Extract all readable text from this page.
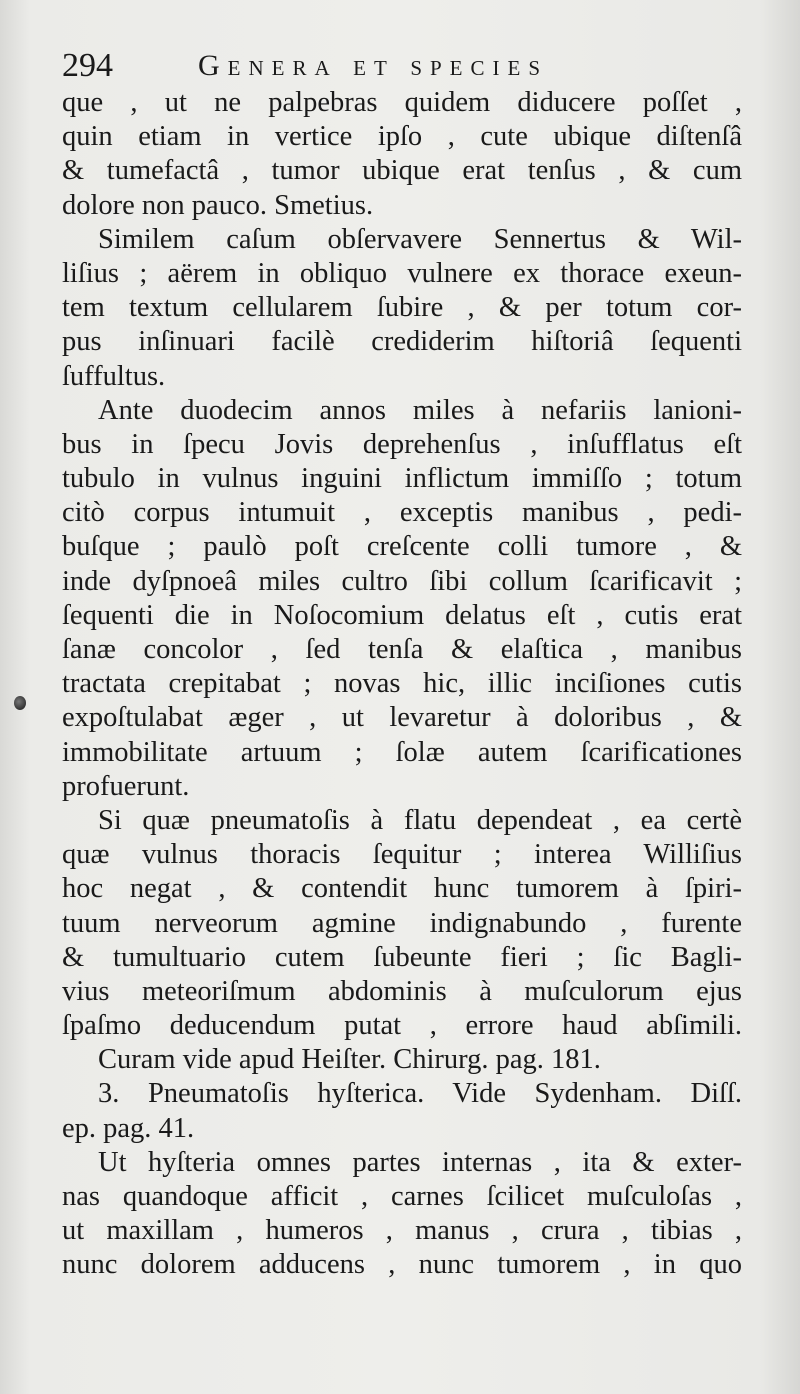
294	Genera et species
que , ut ne palpebras quidem diducere poſſet ,
quin etiam in vertice ipſo , cute ubique diſtenſâ
& tumefactâ , tumor ubique erat tenſus , & cum
dolore non pauco. Smetius.
Similem caſum obſervavere Sennertus & Wil-
liſius ; aërem in obliquo vulnere ex thorace exeun-
tem textum cellularem ſubire , & per totum cor-
pus inſinuari facilè crediderim hiſtoriâ ſequenti
ſuffultus.
Ante duodecim annos miles à nefariis lanioni-
bus in ſpecu Jovis deprehenſus , inſufflatus eſt
tubulo in vulnus inguini inflictum immiſſo ; totum
citò corpus intumuit , exceptis manibus , pedi-
buſque ; paulò poſt creſcente colli tumore , &
inde dyſpnoeâ miles cultro ſibi collum ſcarificavit ;
ſequenti die in Noſocomium delatus eſt , cutis erat
ſanæ concolor , ſed tenſa & elaſtica , manibus
tractata crepitabat ; novas hic, illic inciſiones cutis
expoſtulabat æger , ut levaretur à doloribus , &
immobilitate artuum ; ſolæ autem ſcarificationes
profuerunt.
Si quæ pneumatoſis à flatu dependeat , ea certè
quæ vulnus thoracis ſequitur ; interea Williſius
hoc negat , & contendit hunc tumorem à ſpiri-
tuum nerveorum agmine indignabundo , furente
& tumultuario cutem ſubeunte fieri ; ſic Bagli-
vius meteoriſmum abdominis à muſculorum ejus
ſpaſmo deducendum putat , errore haud abſimili.
Curam vide apud Heiſter. Chirurg. pag. 181.
3. Pneumatoſis hyſterica. Vide Sydenham. Diſſ.
ep. pag. 41.
Ut hyſteria omnes partes internas , ita & exter-
nas quandoque afficit , carnes ſcilicet muſculoſas ,
ut maxillam , humeros , manus , crura , tibias ,
nunc dolorem adducens , nunc tumorem , in quo
